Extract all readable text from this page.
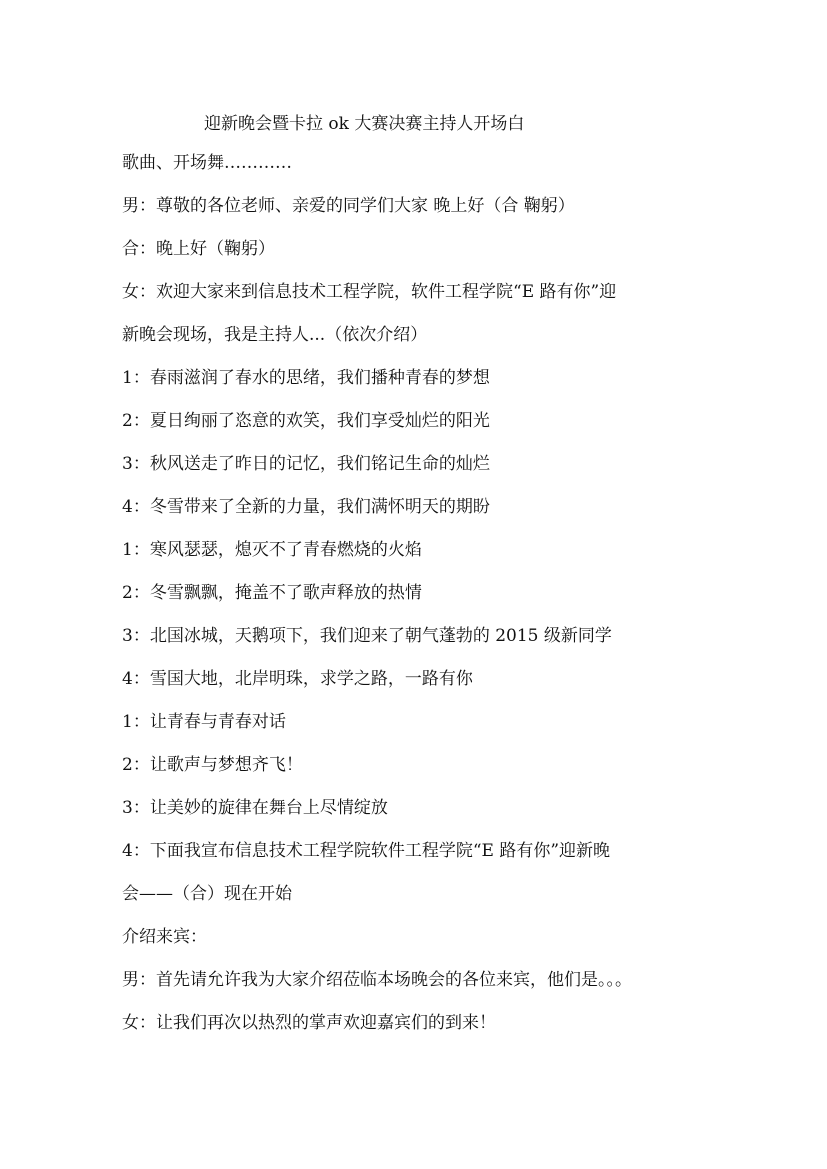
迎新晚会暨卡拉 ok 大赛决赛主持人开场白
歌曲、开场舞…………
男：尊敬的各位老师、亲爱的同学们大家 晚上好（合 鞠躬）
合：晚上好（鞠躬）
女：欢迎大家来到信息技术工程学院，软件工程学院“E 路有你”迎
新晚会现场，我是主持人...（依次介绍）
1：春雨滋润了春水的思绪，我们播种青春的梦想
2：夏日绚丽了恣意的欢笑，我们享受灿烂的阳光
3：秋风送走了昨日的记忆，我们铭记生命的灿烂
4：冬雪带来了全新的力量，我们满怀明天的期盼
1：寒风瑟瑟，熄灭不了青春燃烧的火焰
2：冬雪飘飘，掩盖不了歌声释放的热情
3：北国冰城，天鹅项下，我们迎来了朝气蓬勃的 2015 级新同学
4：雪国大地，北岸明珠，求学之路，一路有你
1：让青春与青春对话
2：让歌声与梦想齐飞！
3：让美妙的旋律在舞台上尽情绽放
4：下面我宣布信息技术工程学院软件工程学院“E 路有你”迎新晚
会——（合）现在开始
介绍来宾：
男：首先请允许我为大家介绍莅临本场晚会的各位来宾，他们是。。。
女：让我们再次以热烈的掌声欢迎嘉宾们的到来！
